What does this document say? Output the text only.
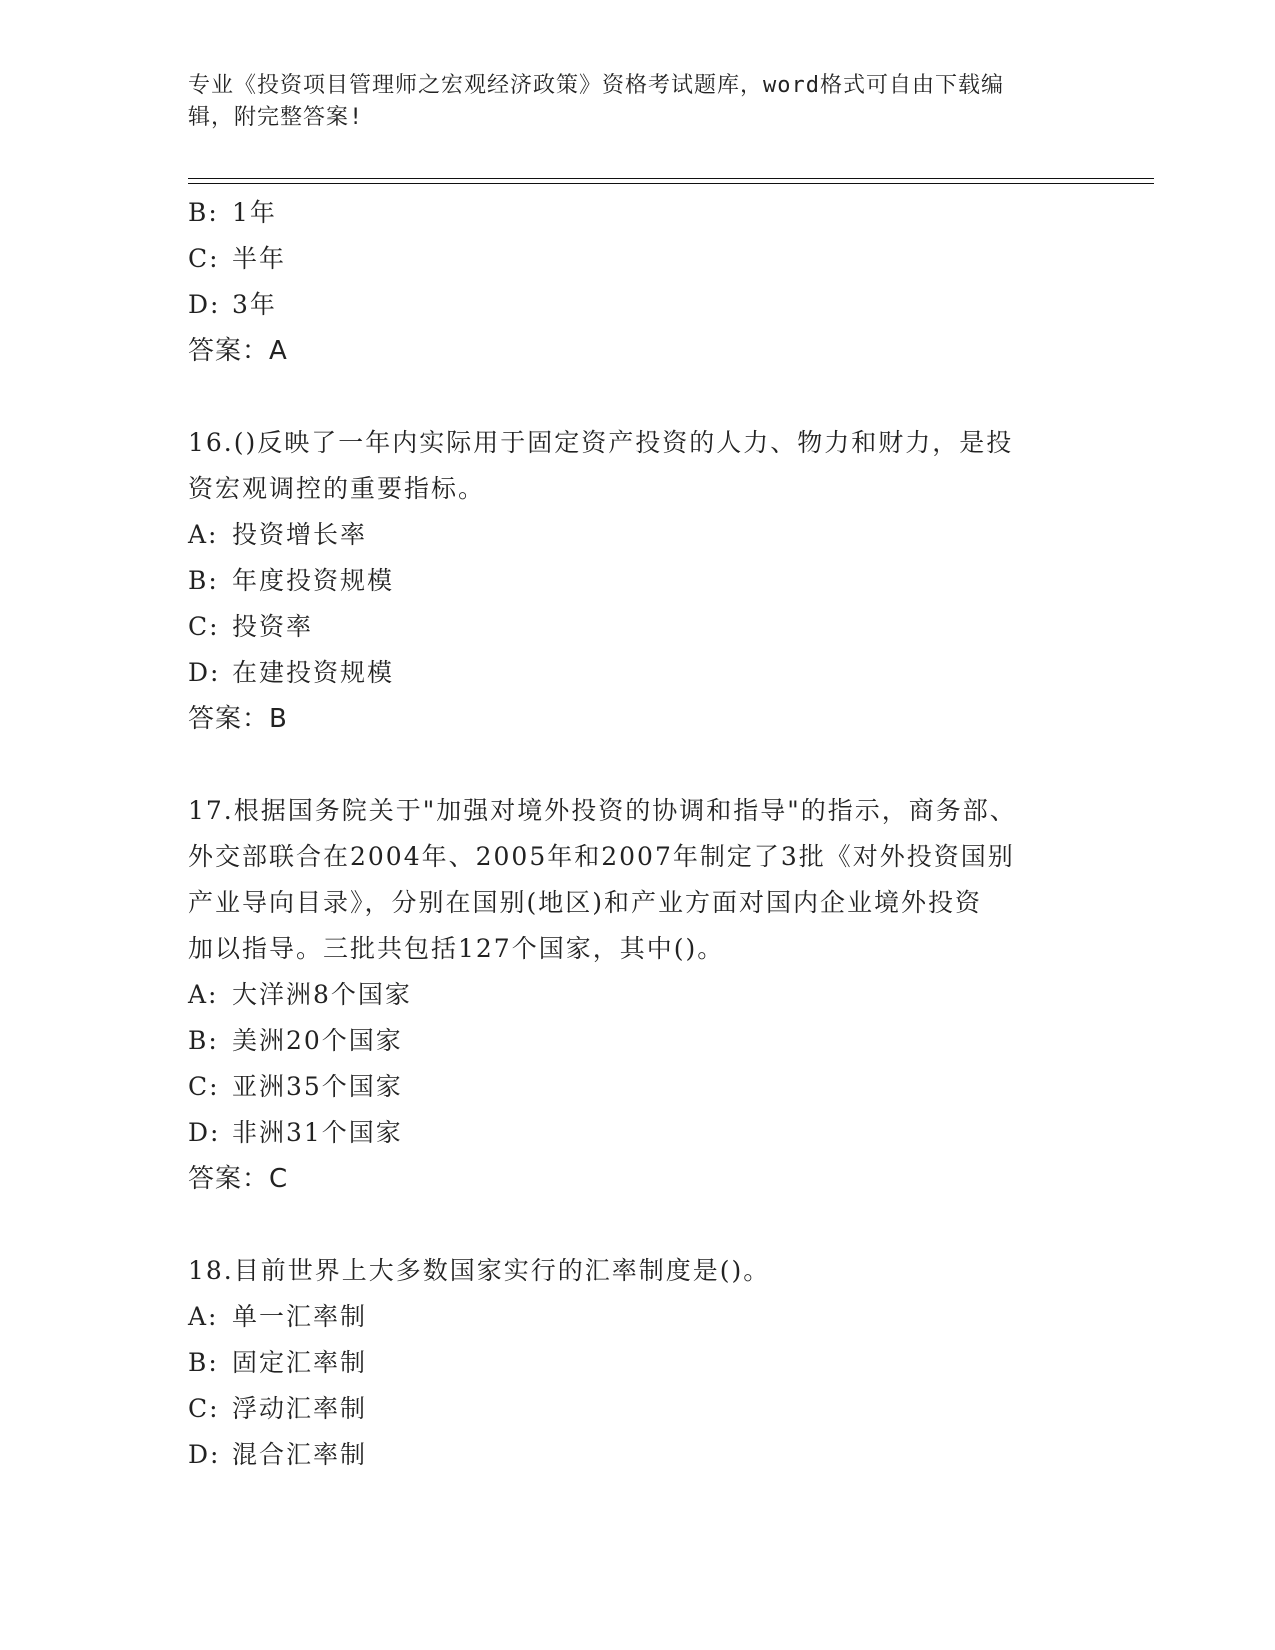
专业《投资项目管理师之宏观经济政策》资格考试题库，word格式可自由下载编
辑，附完整答案!
B: 1年
C: 半年
D: 3年
答案：A
16.()反映了一年内实际用于固定资产投资的人力、物力和财力，是投
资宏观调控的重要指标。
A: 投资增长率
B: 年度投资规模
C: 投资率
D: 在建投资规模
答案：B
17.根据国务院关于"加强对境外投资的协调和指导"的指示，商务部、
外交部联合在2004年、2005年和2007年制定了3批《对外投资国别
产业导向目录》，分别在国别(地区)和产业方面对国内企业境外投资
加以指导。三批共包括127个国家，其中()。
A: 大洋洲8个国家
B: 美洲20个国家
C: 亚洲35个国家
D: 非洲31个国家
答案：C
18.目前世界上大多数国家实行的汇率制度是()。
A: 单一汇率制
B: 固定汇率制
C: 浮动汇率制
D: 混合汇率制
